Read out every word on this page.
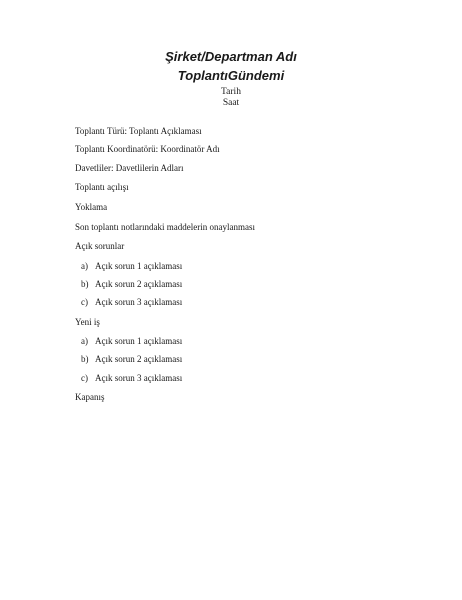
Şirket/Departman Adı
ToplantıGündemi
Tarih
Saat
Toplantı Türü: Toplantı Açıklaması
Toplantı Koordinatörü: Koordinatör Adı
Davetliler: Davetlilerin Adları
Toplantı açılışı
Yoklama
Son toplantı notlarındaki maddelerin onaylanması
Açık sorunlar
a) Açık sorun 1 açıklaması
b) Açık sorun 2 açıklaması
c) Açık sorun 3 açıklaması
Yeni iş
a) Açık sorun 1 açıklaması
b) Açık sorun 2 açıklaması
c) Açık sorun 3 açıklaması
Kapanış
